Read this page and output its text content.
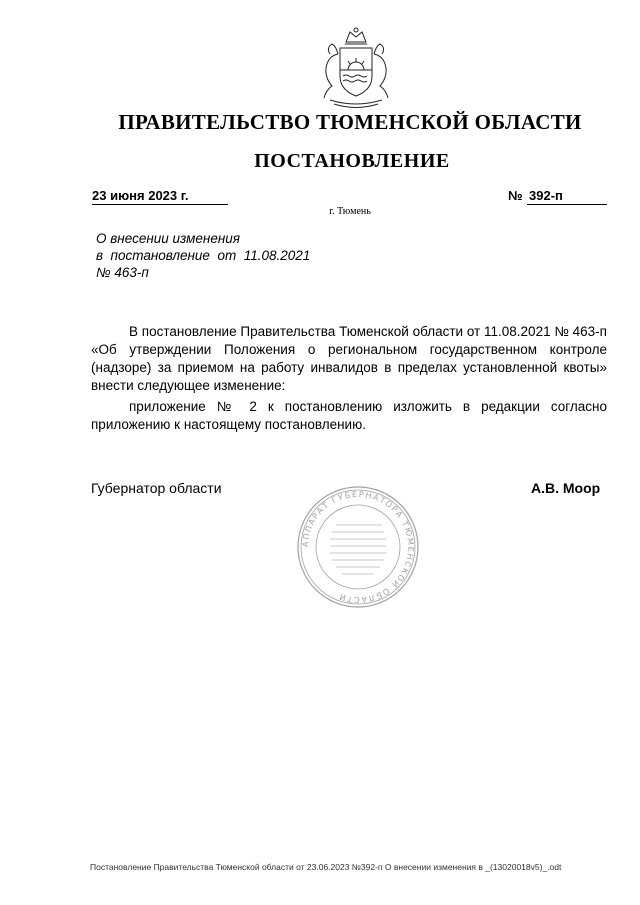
ПРАВИТЕЛЬСТВО ТЮМЕНСКОЙ ОБЛАСТИ
ПОСТАНОВЛЕНИЕ
23 июня 2023 г.
г. Тюмень
№ 392-п
О внесении изменения
в  постановление  от  11.08.2021
№ 463-п

В постановление Правительства Тюменской области от 11.08.2021 № 463-п «Об утверждении Положения о региональном государственном контроле (надзоре) за приемом на работу инвалидов в пределах установленной квоты» внести следующее изменение:

приложение № 2 к постановлению изложить в редакции согласно приложению к настоящему постановлению.

Губернатор области	А.В. Моор
АППАРАТ ГУБЕРНАТОРА ТЮМЕНСКОЙ ОБЛАСТИ
Постановление Правительства Тюменской области от 23.06.2023 №392-п О внесении изменения в _(13020018v5)_.odt
